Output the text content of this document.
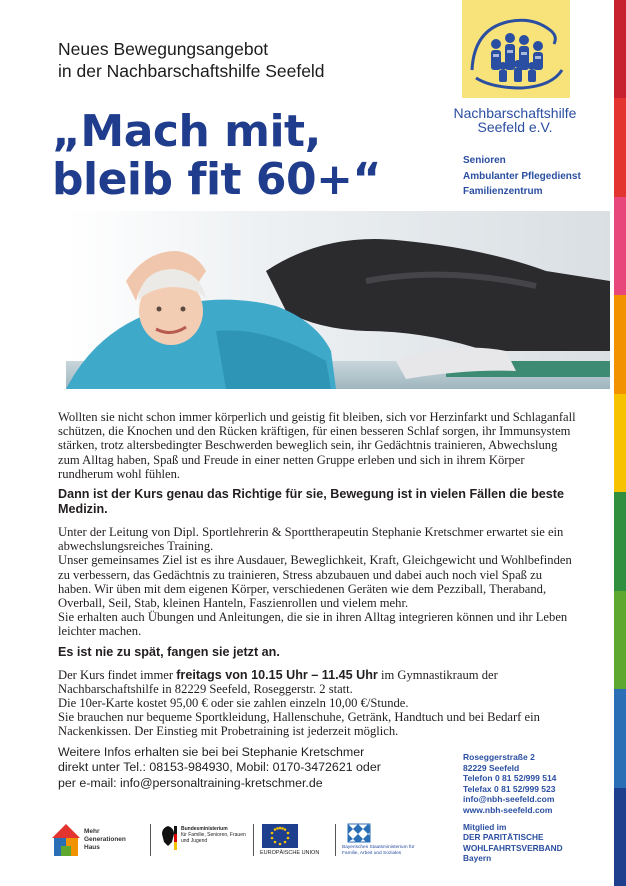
Neues Bewegungsangebot
in der Nachbarschaftshilfe Seefeld
„Mach mit,
bleib fit 60+“
Nachbarschaftshilfe
Seefeld e.V.
Senioren
Ambulanter Pflegedienst
Familienzentrum

Wollten sie nicht schon immer körperlich und geistig fit bleiben, sich vor Herzinfarkt und Schlaganfall schützen, die Knochen und den Rücken kräftigen, für einen besseren Schlaf sorgen, ihr Immunsystem stärken, trotz altersbedingter Beschwerden beweglich sein, ihr Gedächtnis trainieren, Abwechslung zum Alltag haben, Spaß und Freude in einer netten Gruppe erleben und sich in ihrem Körper rundherum wohl fühlen.

Dann ist der Kurs genau das Richtige für sie, Bewegung ist in vielen Fällen die beste Medizin.

Unter der Leitung von Dipl. Sportlehrerin & Sporttherapeutin Stephanie Kretschmer erwartet sie ein abwechslungsreiches Training.

Unser gemeinsames Ziel ist es ihre Ausdauer, Beweglichkeit, Kraft, Gleichgewicht und Wohlbefinden zu verbessern, das Gedächtnis zu trainieren, Stress abzubauen und dabei auch noch viel Spaß zu haben. Wir üben mit dem eigenen Körper, verschiedenen Geräten wie dem Pezziball, Theraband, Overball, Seil, Stab, kleinen Hanteln, Faszienrollen und vielem mehr.

Sie erhalten auch Übungen und Anleitungen, die sie in ihren Alltag integrieren können und ihr Leben leichter machen.

Es ist nie zu spät, fangen sie jetzt an.

Der Kurs findet immer freitags von 10.15 Uhr – 11.45 Uhr im Gymnastikraum der Nachbarschaftshilfe in 82229 Seefeld, Roseggerstr. 2 statt.

Die 10er-Karte kostet 95,00 € oder sie zahlen einzeln 10,00 €/Stunde.

Sie brauchen nur bequeme Sportkleidung, Hallenschuhe, Getränk, Handtuch und bei Bedarf ein Nackenkissen. Der Einstieg mit Probetraining ist jederzeit möglich.

Weitere Infos erhalten sie bei bei Stephanie Kretschmer

direkt unter Tel.: 08153-984930, Mobil: 0170-3472621 oder

per e-mail: info@personaltraining-kretschmer.de

Roseggerstraße 2
82229 Seefeld
Telefon 0 81 52/999 514
Telefax 0 81 52/999 523
info@nbh-seefeld.com
www.nbh-seefeld.com
Mitglied im
DER PARITÄTISCHE
WOHLFAHRTSVERBAND
Bayern
Mehr
Generationen
Haus
Bundesministerium
für Familie, Senioren, Frauen
und Jugend
EUROPÄISCHE UNION
Bayerisches Staatsministerium für
Familie, Arbeit und Soziales
